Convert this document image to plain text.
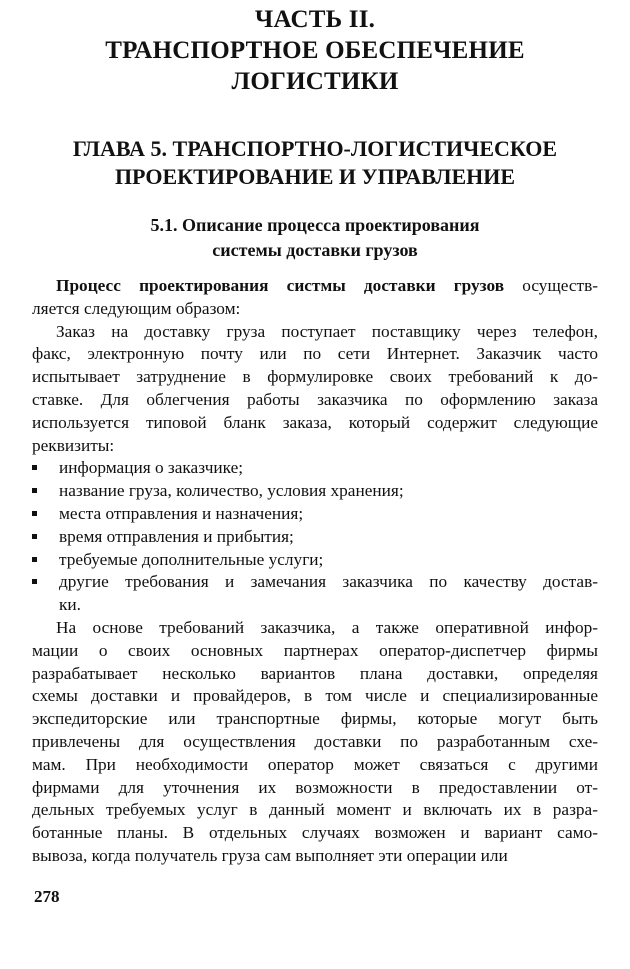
ЧАСТЬ II.
ТРАНСПОРТНОЕ ОБЕСПЕЧЕНИЕ
ЛОГИСТИКИ
ГЛАВА 5. ТРАНСПОРТНО-ЛОГИСТИЧЕСКОЕ
ПРОЕКТИРОВАНИЕ И УПРАВЛЕНИЕ
5.1. Описание процесса проектирования
системы доставки грузов
Процесс проектирования систмы доставки грузов осуществ-
ляется следующим образом:
Заказ на доставку груза поступает поставщику через телефон,
факс, электронную почту или по сети Интернет. Заказчик часто
испытывает затруднение в формулировке своих требований к до-
ставке. Для облегчения работы заказчика по оформлению заказа
используется типовой бланк заказа, который содержит следующие
реквизиты:
информация о заказчике;
название груза, количество, условия хранения;
места отправления и назначения;
время отправления и прибытия;
требуемые дополнительные услуги;
другие требования и замечания заказчика по качеству достав-
ки.
На основе требований заказчика, а также оперативной инфор-
мации о своих основных партнерах оператор-диспетчер фирмы
разрабатывает несколько вариантов плана доставки, определяя
схемы доставки и провайдеров, в том числе и специализированные
экспедиторские или транспортные фирмы, которые могут быть
привлечены для осуществления доставки по разработанным схе-
мам. При необходимости оператор может связаться с другими
фирмами для уточнения их возможности в предоставлении от-
дельных требуемых услуг в данный момент и включать их в разра-
ботанные планы. В отдельных случаях возможен и вариант само-
вывоза, когда получатель груза сам выполняет эти операции или
278
